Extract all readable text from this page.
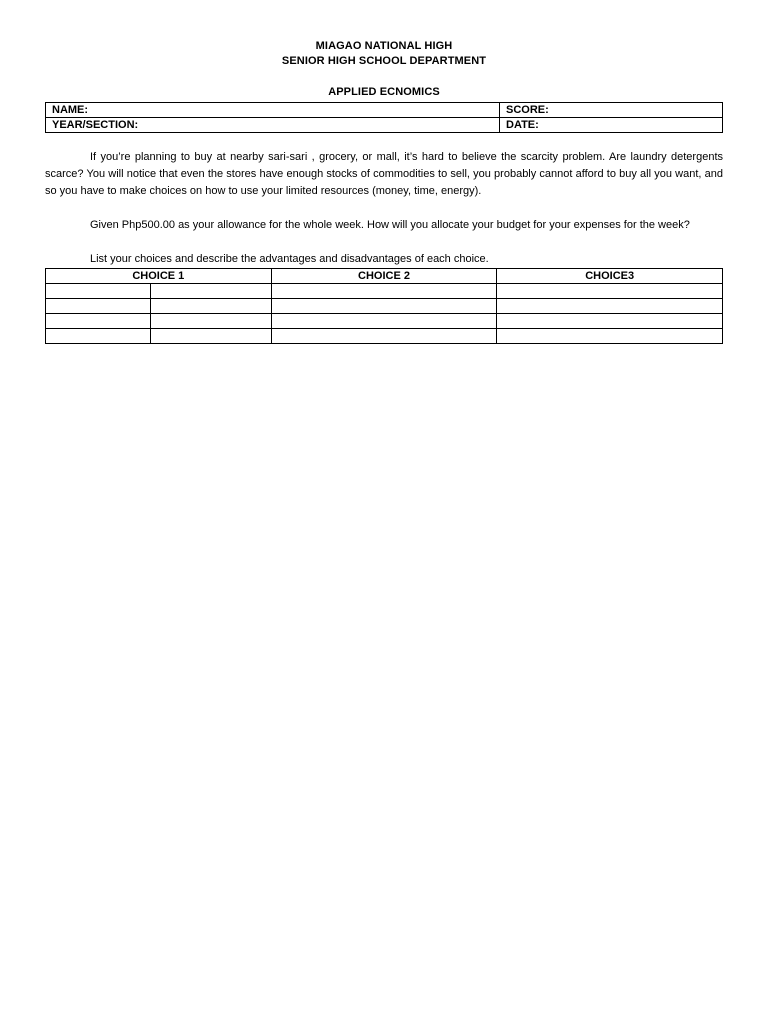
MIAGAO NATIONAL HIGH
SENIOR HIGH SCHOOL DEPARTMENT
APPLIED ECNOMICS
NAME:	SCORE:
YEAR/SECTION:	DATE:
If you’re planning to buy at nearby sari-sari , grocery, or mall, it’s hard to believe the scarcity problem. Are laundry detergents scarce? You will notice that even the stores have enough stocks of commodities to sell, you probably cannot afford to buy all you want, and so you have to make choices on how to use your limited resources (money, time, energy).
Given Php500.00 as your allowance for the whole week. How will you allocate your budget for your expenses for the week?
List your choices and describe the advantages and disadvantages of each choice.
CHOICE 1	CHOICE 2	CHOICE3
